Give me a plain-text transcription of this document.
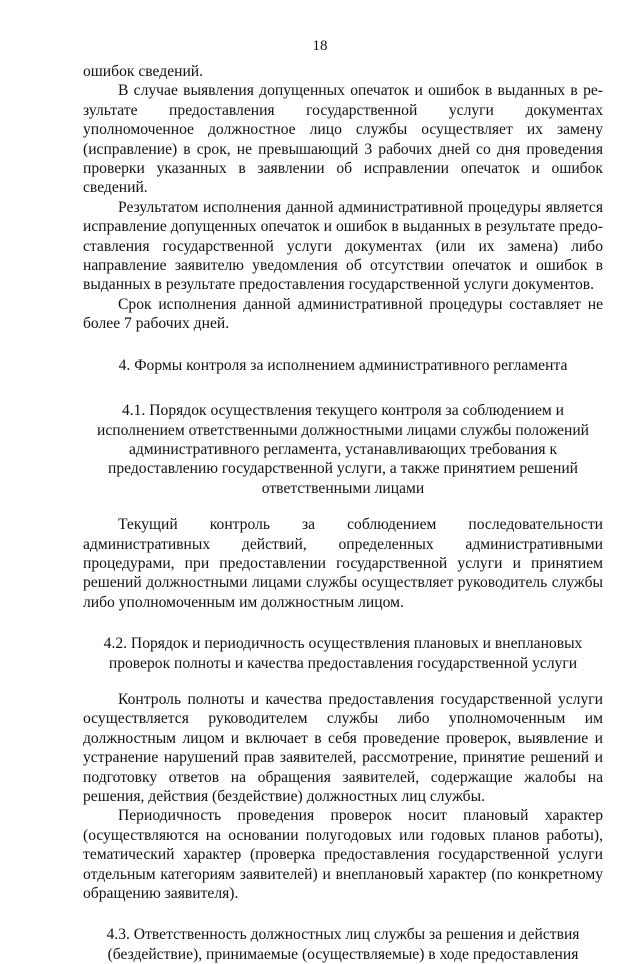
18

ошибок сведений.

В случае выявления допущенных опечаток и ошибок в выданных в результате предоставления государственной услуги документах уполномоченное должностное лицо службы осуществляет их замену (исправление) в срок, не превышающий 3 рабочих дней со дня проведения проверки указанных в заявлении об исправлении опечаток и ошибок сведений.

Результатом исполнения данной административной процедуры является исправление допущенных опечаток и ошибок в выданных в результате предоставления государственной услуги документах (или их замена) либо направление заявителю уведомления об отсутствии опечаток и ошибок в выданных в результате предоставления государственной услуги документов.

Срок исполнения данной административной процедуры составляет не более 7 рабочих дней.

4. Формы контроля за исполнением административного регламента

4.1. Порядок осуществления текущего контроля за соблюдением и исполнением ответственными должностными лицами службы положений административного регламента, устанавливающих требования к предоставлению государственной услуги, а также принятием решений ответственными лицами

Текущий контроль за соблюдением последовательности административных действий, определенных административными процедурами, при предоставлении государственной услуги и принятием решений должностными лицами службы осуществляет руководитель службы либо уполномоченным им должностным лицом.

4.2. Порядок и периодичность осуществления плановых и внеплановых проверок полноты и качества предоставления государственной услуги

Контроль полноты и качества предоставления государственной услуги осуществляется руководителем службы либо уполномоченным им должностным лицом и включает в себя проведение проверок, выявление и устранение нарушений прав заявителей, рассмотрение, принятие решений и подготовку ответов на обращения заявителей, содержащие жалобы на решения, действия (бездействие) должностных лиц службы.

Периодичность проведения проверок носит плановый характер (осуществляются на основании полугодовых или годовых планов работы), тематический характер (проверка предоставления государственной услуги отдельным категориям заявителей) и внеплановый характер (по конкретному обращению заявителя).

4.3. Ответственность должностных лиц службы за решения и действия (бездействие), принимаемые (осуществляемые) в ходе предоставления
